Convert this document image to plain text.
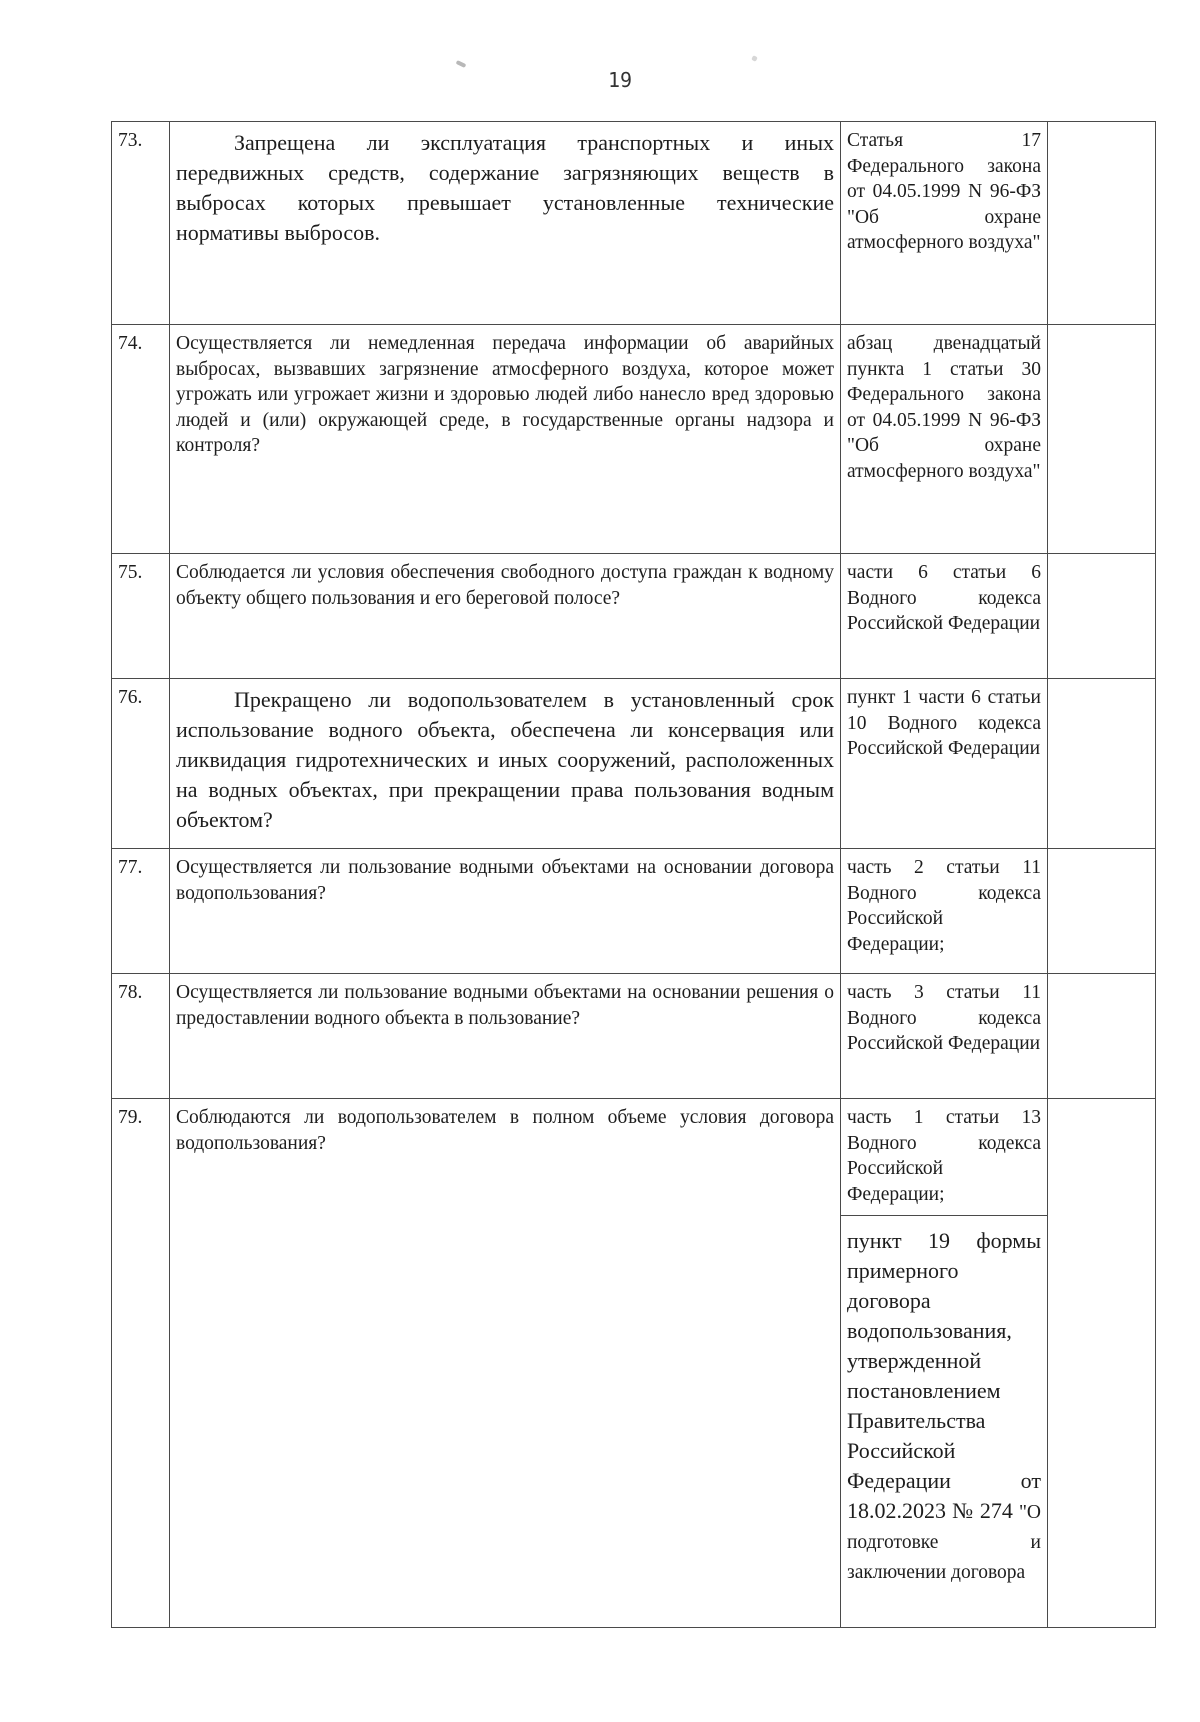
19
73.	Запрещена ли эксплуатация транспортных и иных передвижных средств, содержание загрязняющих веществ в выбросах которых превышает установленные технические нормативы выбросов.	Статья 17 Федерального закона от 04.05.1999 N 96-ФЗ "Об охране атмосферного воздуха"	
74.	Осуществляется ли немедленная передача информации об аварийных выбросах, вызвавших загрязнение атмосферного воздуха, которое может угрожать или угрожает жизни и здоровью людей либо нанесло вред здоровью людей и (или) окружающей среде, в государственные органы надзора и контроля?	абзац двенадцатый пункта 1 статьи 30 Федерального закона от 04.05.1999 N 96-ФЗ "Об охране атмосферного воздуха"	
75.	Соблюдается ли условия обеспечения свободного доступа граждан к водному объекту общего пользования и его береговой полосе?	части 6 статьи 6 Водного кодекса Российской Федерации	
76.	Прекращено ли водопользователем в установленный срок использование водного объекта, обеспечена ли консервация или ликвидация гидротехнических и иных сооружений, расположенных на водных объектах, при прекращении права пользования водным объектом?	пункт 1 части 6 статьи 10 Водного кодекса Российской Федерации	
77.	Осуществляется ли пользование водными объектами на основании договора водопользования?	часть 2 статьи 11 Водного кодекса Российской Федерации;	
78.	Осуществляется ли пользование водными объектами на основании решения о предоставлении водного объекта в пользование?	часть 3 статьи 11 Водного кодекса Российской Федерации	
79.	Соблюдаются ли водопользователем в полном объеме условия договора водопользования?	часть 1 статьи 13 Водного кодекса Российской Федерации;
пункт 19 формы примерного договора водопользования, утвержденной постановлением Правительства Российской Федерации от 18.02.2023 № 274 "О подготовке и заключении договора	
